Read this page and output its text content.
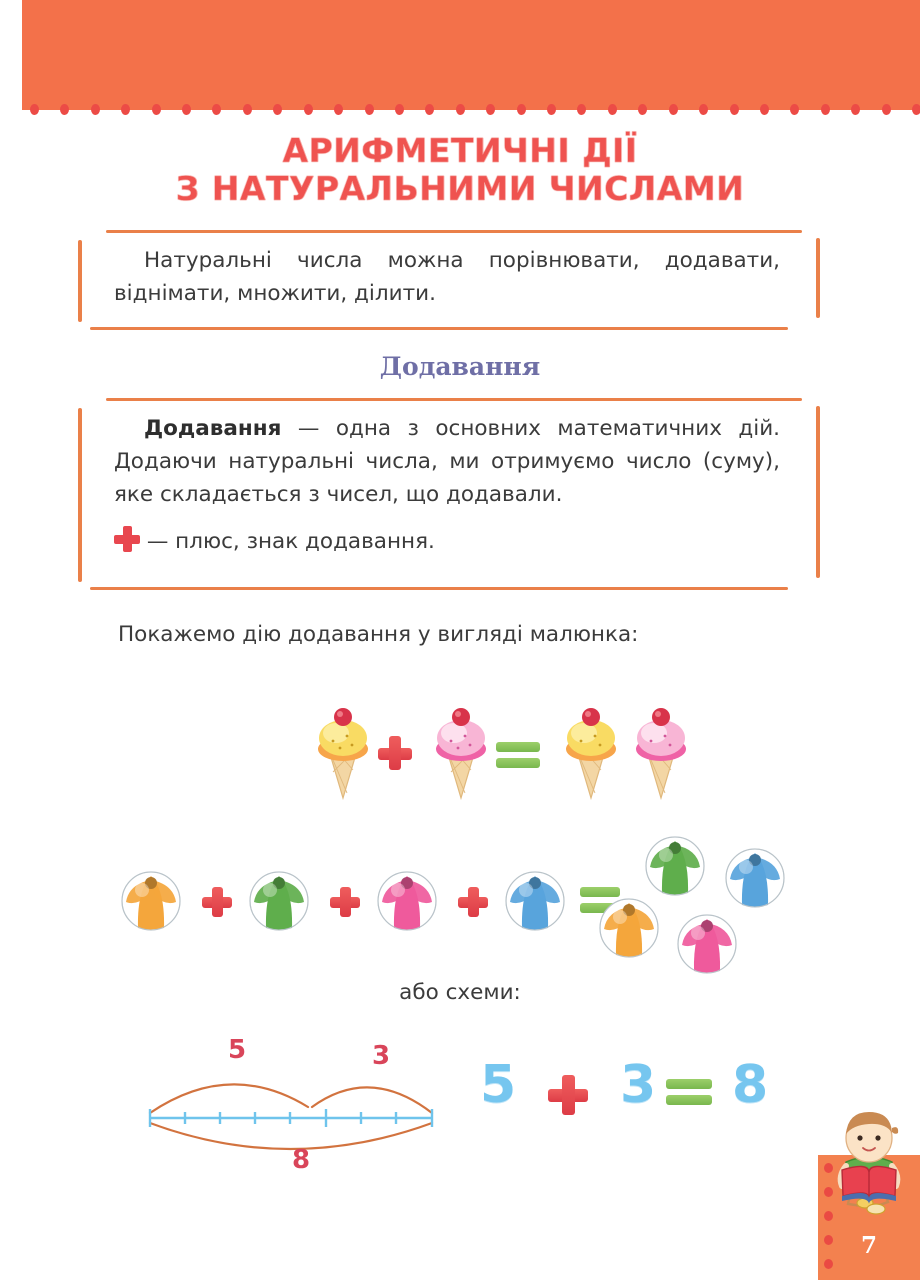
АРИФМЕТИЧНІ ДІЇ
З НАТУРАЛЬНИМИ ЧИСЛАМИ
Натуральні числа можна порівнювати, додавати, віднімати, множити, ділити.
Додавання
Додавання — одна з основних математичних дій. Додаючи натуральні числа, ми отримуємо число (суму), яке складається з чисел, що додавали.
— плюс, знак додавання.
Покажемо дію додавання у вигляді малюнка:
або схеми:
5	3
8
5 3 8
7
